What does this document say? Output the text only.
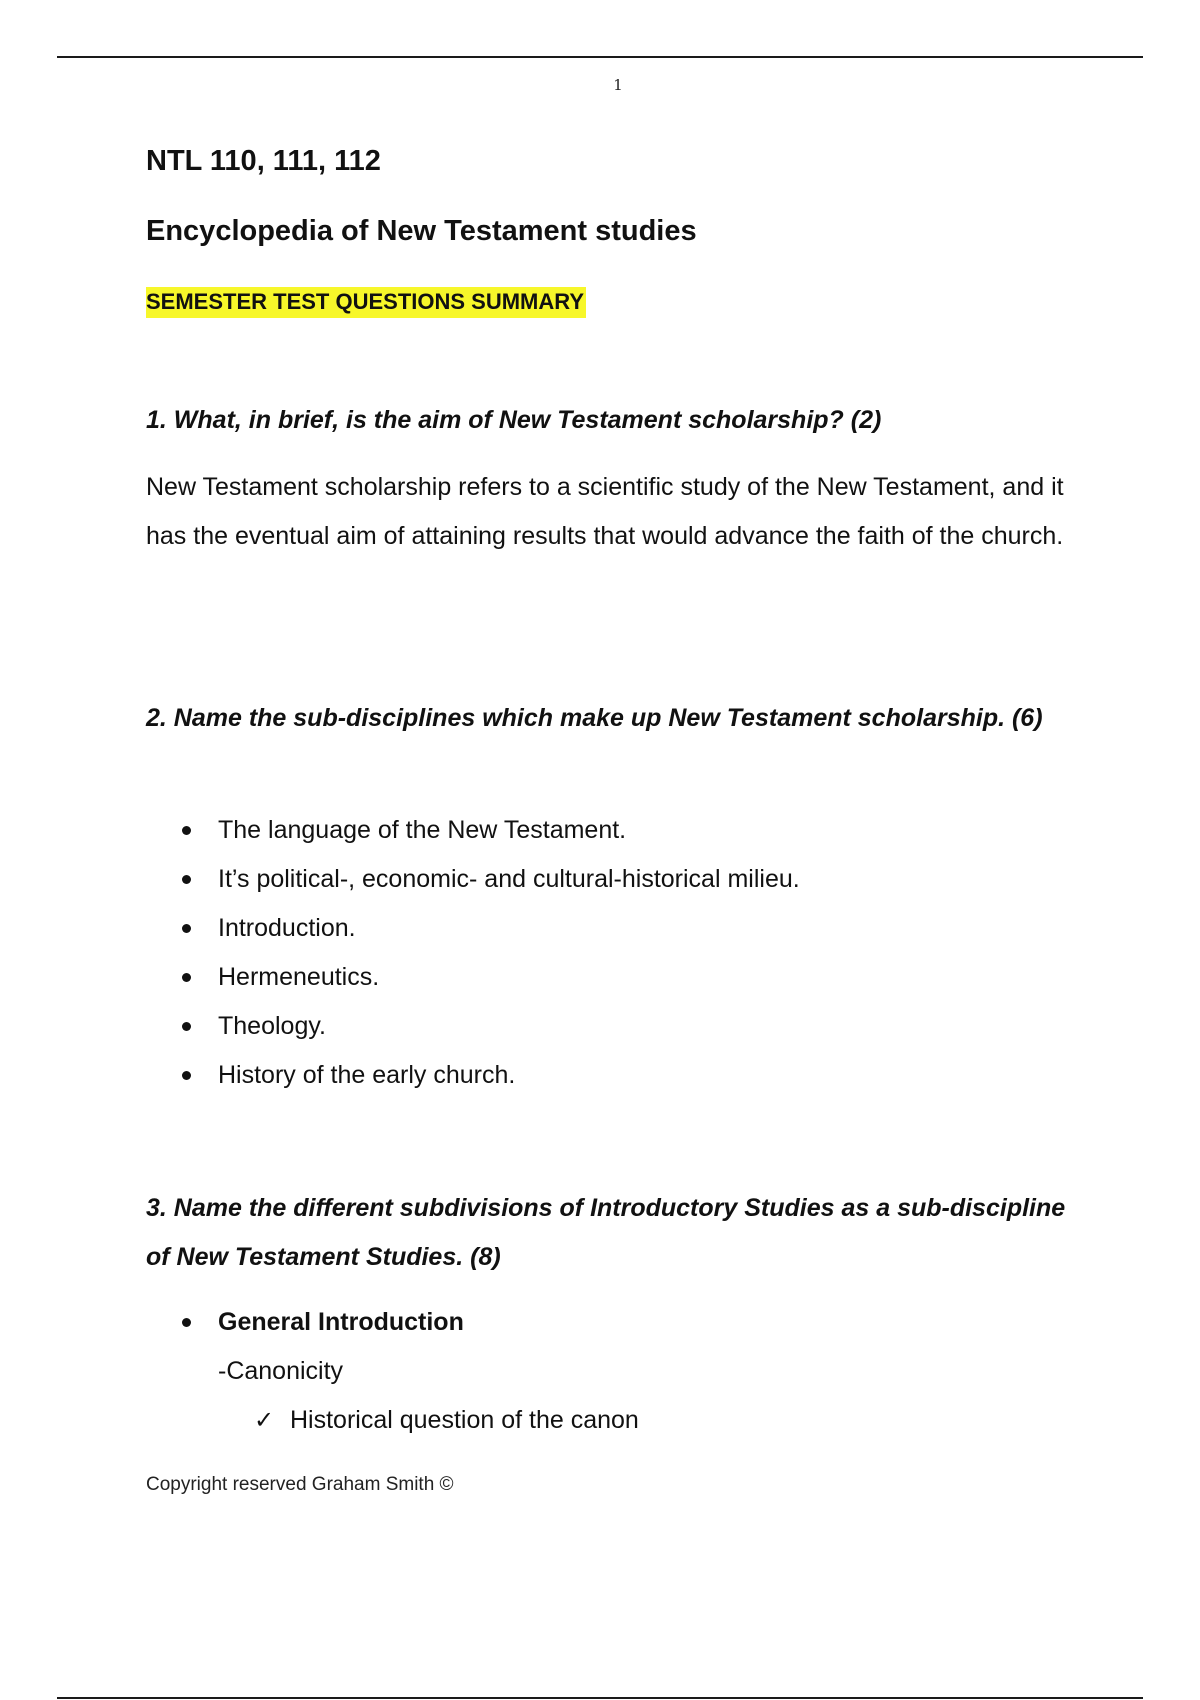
1
NTL 110, 111, 112
Encyclopedia of New Testament studies
SEMESTER TEST QUESTIONS SUMMARY

1. What, in brief, is the aim of New Testament scholarship? (2)

New Testament scholarship refers to a scientific study of the New Testament, and it has the eventual aim of attaining results that would advance the faith of the church.

2. Name the sub-disciplines which make up New Testament scholarship. (6)

The language of the New Testament.
It’s political-, economic- and cultural-historical milieu.
Introduction.
Hermeneutics.
Theology.
History of the early church.

3. Name the different subdivisions of Introductory Studies as a sub-discipline of New Testament Studies. (8)

General Introduction
-Canonicity
✓ Historical question of the canon
Copyright reserved Graham Smith ©
